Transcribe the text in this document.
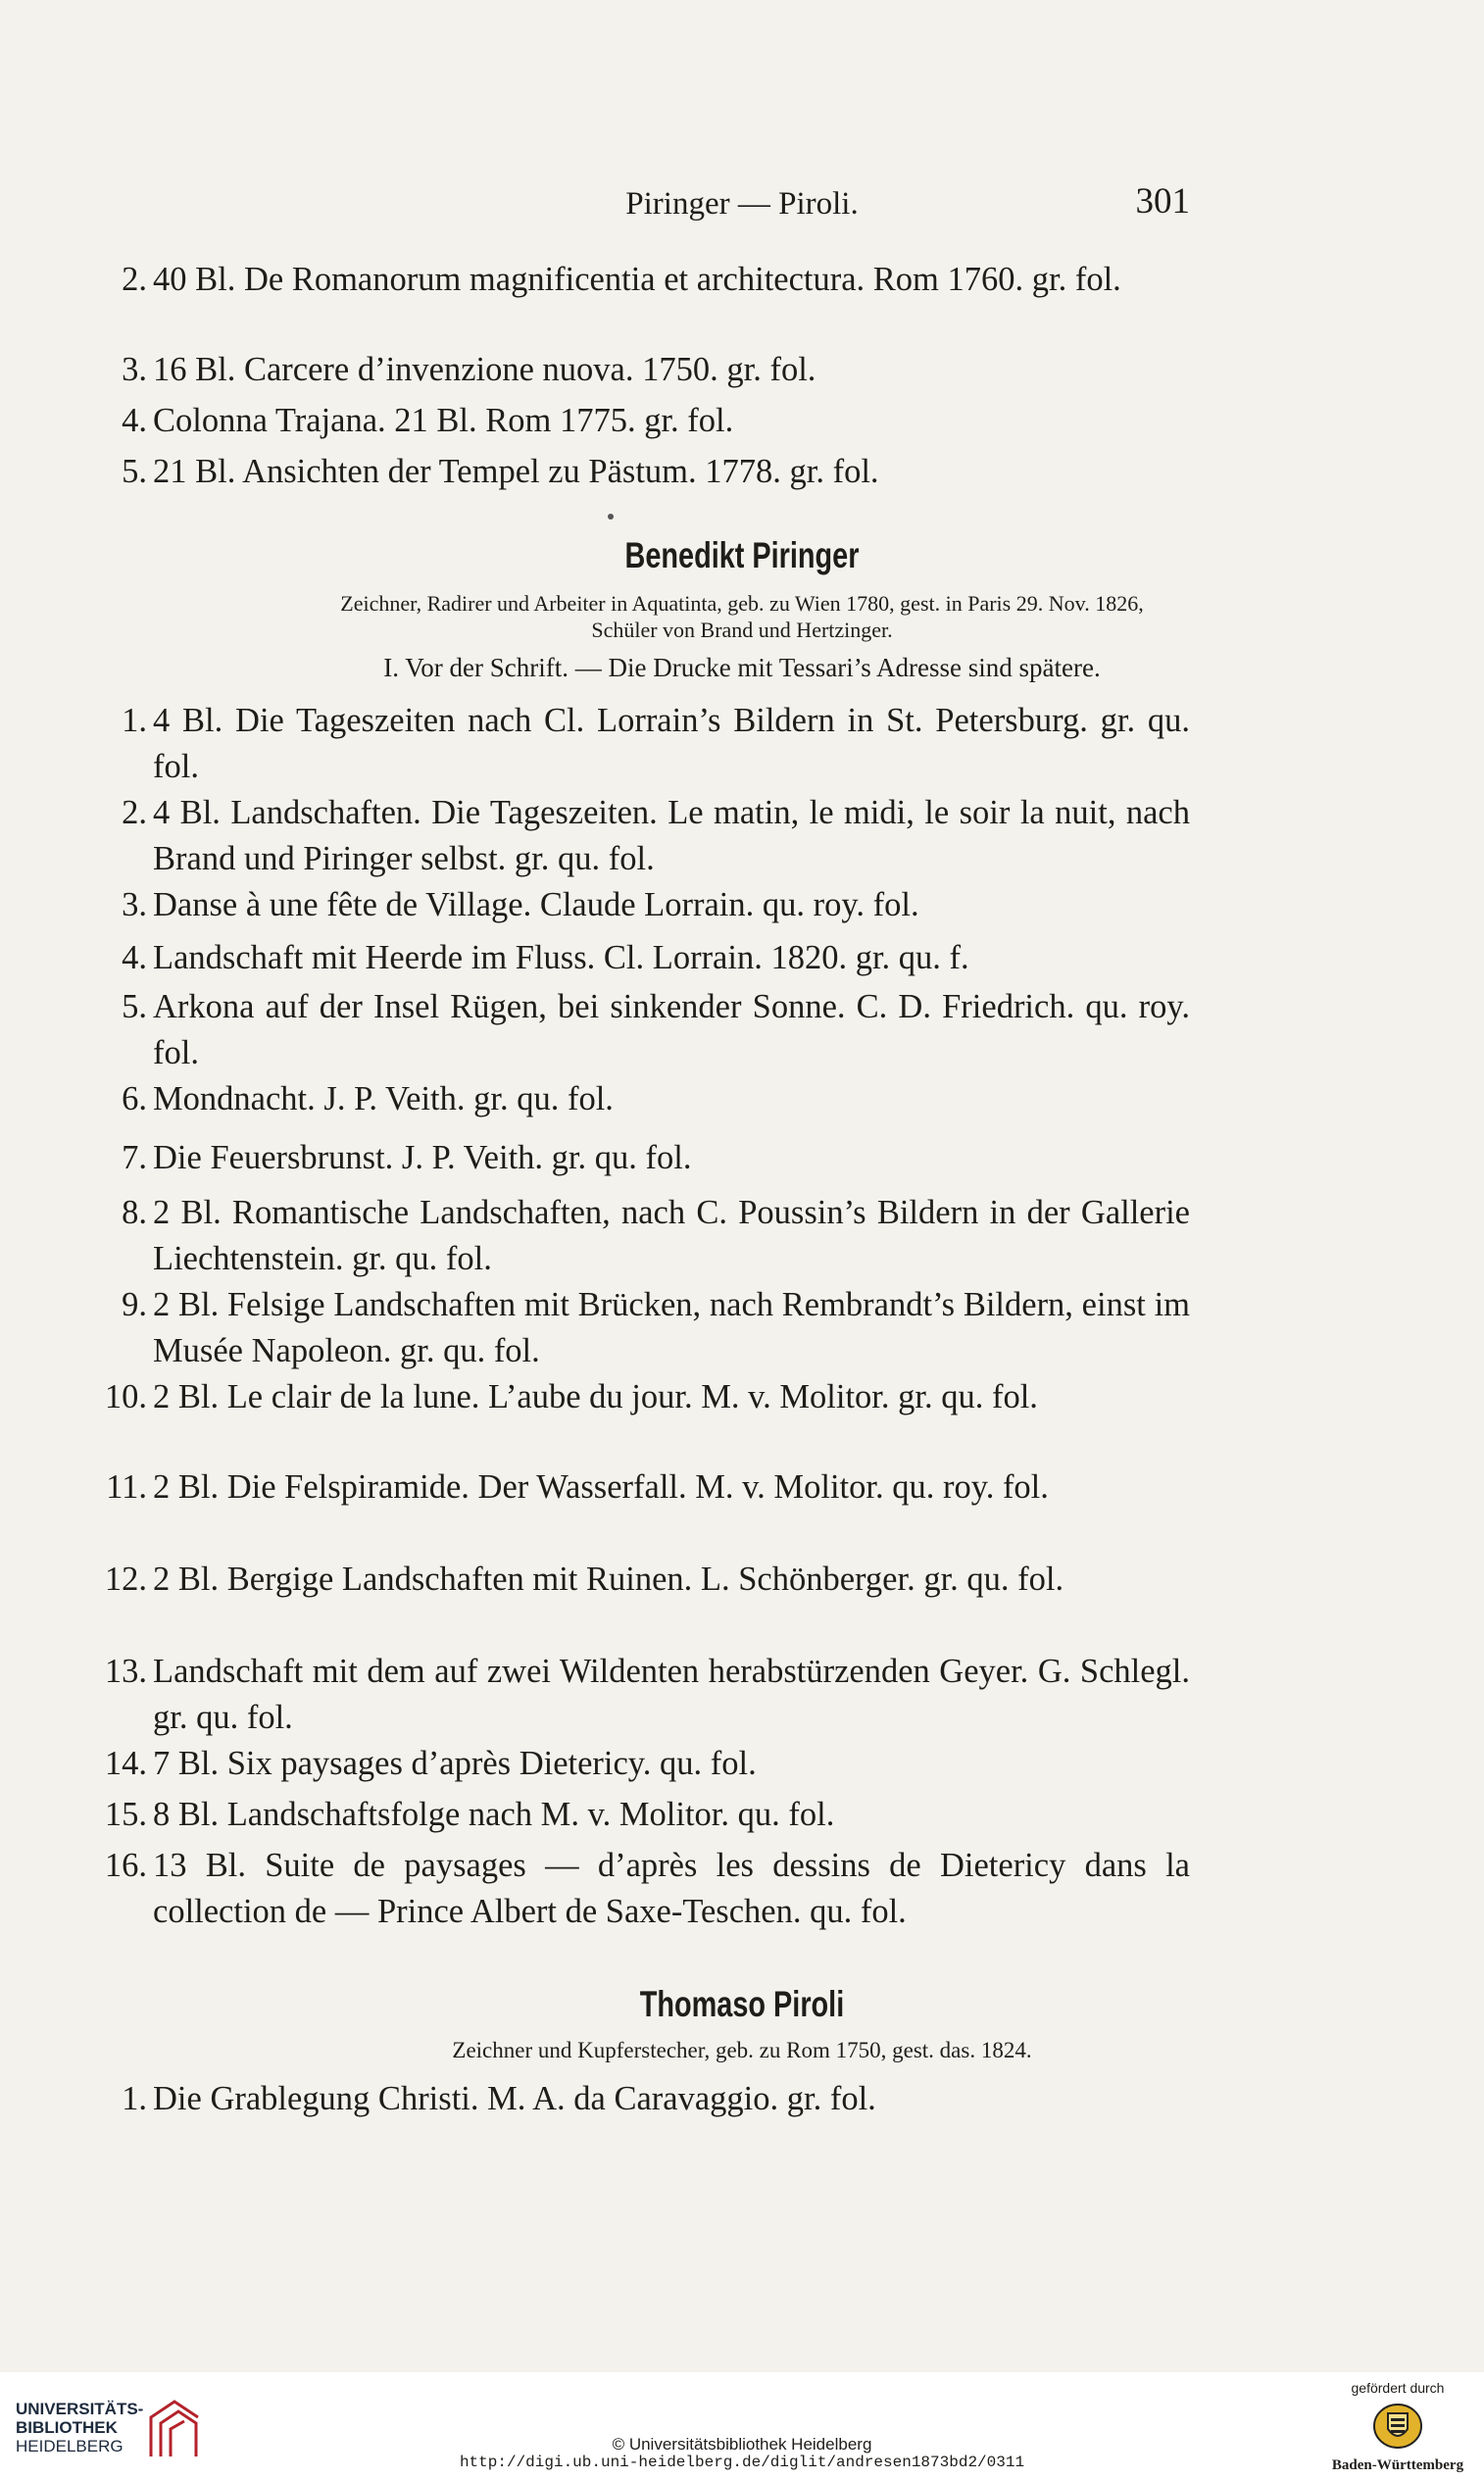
Piringer — Piroli.	301
2. 40 Bl. De Romanorum magnificentia et architectura. Rom 1760. gr. fol.
3. 16 Bl. Carcere d’invenzione nuova. 1750. gr. fol.
4. Colonna Trajana. 21 Bl. Rom 1775. gr. fol.
5. 21 Bl. Ansichten der Tempel zu Pästum. 1778. gr. fol.
Benedikt Piringer
Zeichner, Radirer und Arbeiter in Aquatinta, geb. zu Wien 1780, gest. in Paris 29. Nov. 1826,
Schüler von Brand und Hertzinger.
I. Vor der Schrift. — Die Drucke mit Tessari’s Adresse sind spätere.
1. 4 Bl. Die Tageszeiten nach Cl. Lorrain’s Bildern in St. Petersburg. gr. qu. fol.
2. 4 Bl. Landschaften. Die Tageszeiten. Le matin, le midi, le soir la nuit, nach Brand und Piringer selbst. gr. qu. fol.
3. Danse à une fête de Village. Claude Lorrain. qu. roy. fol.
4. Landschaft mit Heerde im Fluss. Cl. Lorrain. 1820. gr. qu. f.
5. Arkona auf der Insel Rügen, bei sinkender Sonne. C. D. Friedrich. qu. roy. fol.
6. Mondnacht. J. P. Veith. gr. qu. fol.
7. Die Feuersbrunst. J. P. Veith. gr. qu. fol.
8. 2 Bl. Romantische Landschaften, nach C. Poussin’s Bildern in der Gallerie Liechtenstein. gr. qu. fol.
9. 2 Bl. Felsige Landschaften mit Brücken, nach Rembrandt’s Bildern, einst im Musée Napoleon. gr. qu. fol.
10. 2 Bl. Le clair de la lune. L’aube du jour. M. v. Molitor. gr. qu. fol.
11. 2 Bl. Die Felspiramide. Der Wasserfall. M. v. Molitor. qu. roy. fol.
12. 2 Bl. Bergige Landschaften mit Ruinen. L. Schönberger. gr. qu. fol.
13. Landschaft mit dem auf zwei Wildenten herabstürzenden Geyer. G. Schlegl. gr. qu. fol.
14. 7 Bl. Six paysages d’après Dietericy. qu. fol.
15. 8 Bl. Landschaftsfolge nach M. v. Molitor. qu. fol.
16. 13 Bl. Suite de paysages — d’après les dessins de Dietericy dans la collection de — Prince Albert de Saxe-Teschen. qu. fol.
Thomaso Piroli
Zeichner und Kupferstecher, geb. zu Rom 1750, gest. das. 1824.
1. Die Grablegung Christi. M. A. da Caravaggio. gr. fol.
UNIVERSITÄTS-
BIBLIOTHEK
HEIDELBERG	© Universitätsbibliothek Heidelberg
http://digi.ub.uni-heidelberg.de/diglit/andresen1873bd2/0311
gefördert durch
Baden-Württemberg
